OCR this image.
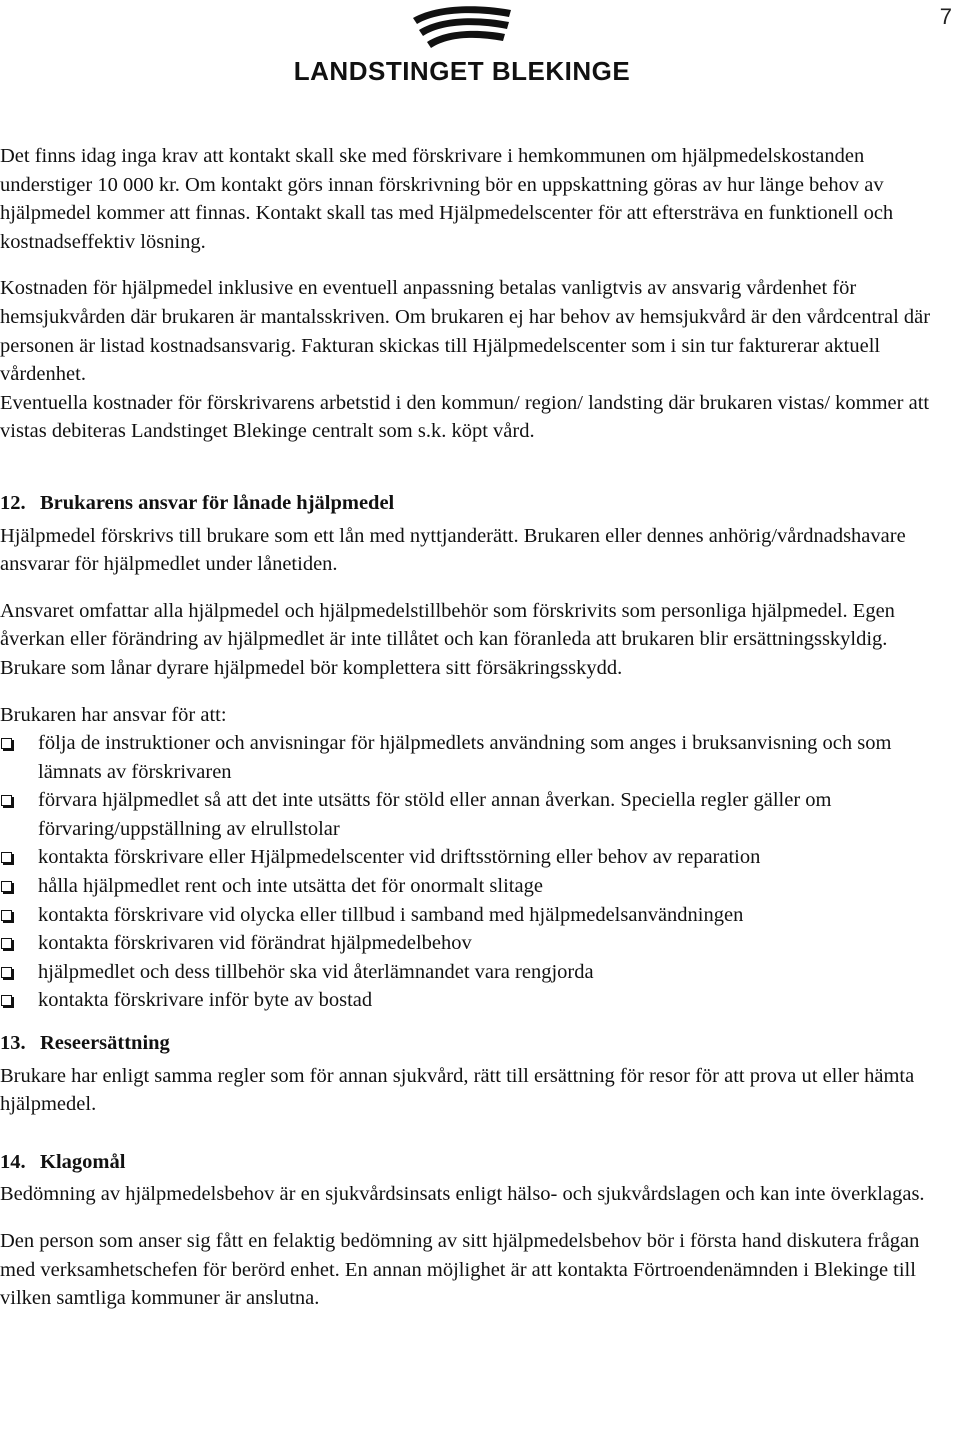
7
LANDSTINGET BLEKINGE

Det finns idag inga krav att kontakt skall ske med förskrivare i hemkommunen om hjälpmedelskostanden understiger 10 000 kr. Om kontakt görs innan förskrivning bör en uppskattning göras av hur länge behov av hjälpmedel kommer att finnas. Kontakt skall tas med Hjälpmedelscenter för att eftersträva en funktionell och kostnadseffektiv lösning.

Kostnaden för hjälpmedel inklusive en eventuell anpassning betalas vanligtvis av ansvarig vårdenhet för hemsjukvården där brukaren är mantalsskriven. Om brukaren ej har behov av hemsjukvård är den vårdcentral där personen är listad kostnadsansvarig. Fakturan skickas till Hjälpmedelscenter som i sin tur fakturerar aktuell vårdenhet.

Eventuella kostnader för förskrivarens arbetstid i den kommun/ region/ landsting där brukaren vistas/ kommer att vistas debiteras Landstinget Blekinge centralt som s.k. köpt vård.

12. Brukarens ansvar för lånade hjälpmedel

Hjälpmedel förskrivs till brukare som ett lån med nyttjanderätt. Brukaren eller dennes anhörig/vårdnadshavare ansvarar för hjälpmedlet under lånetiden.

Ansvaret omfattar alla hjälpmedel och hjälpmedelstillbehör som förskrivits som personliga hjälpmedel. Egen åverkan eller förändring av hjälpmedlet är inte tillåtet och kan föranleda att brukaren blir ersättningsskyldig. Brukare som lånar dyrare hjälpmedel bör komplettera sitt försäkringsskydd.

Brukaren har ansvar för att:

följa de instruktioner och anvisningar för hjälpmedlets användning som anges i bruksanvisning och som lämnats av förskrivaren
förvara hjälpmedlet så att det inte utsätts för stöld eller annan åverkan. Speciella regler gäller om förvaring/uppställning av elrullstolar
kontakta förskrivare eller Hjälpmedelscenter vid driftsstörning eller behov av reparation
hålla hjälpmedlet rent och inte utsätta det för onormalt slitage
kontakta förskrivare vid olycka eller tillbud i samband med hjälpmedelsanvändningen
kontakta förskrivaren vid förändrat hjälpmedelbehov
hjälpmedlet och dess tillbehör ska vid återlämnandet vara rengjorda
kontakta förskrivare inför byte av bostad
13. Reseersättning

Brukare har enligt samma regler som för annan sjukvård, rätt till ersättning för resor för att prova ut eller hämta hjälpmedel.

14. Klagomål

Bedömning av hjälpmedelsbehov är en sjukvårdsinsats enligt hälso- och sjukvårdslagen och kan inte överklagas.

Den person som anser sig fått en felaktig bedömning av sitt hjälpmedelsbehov bör i första hand diskutera frågan med verksamhetschefen för berörd enhet. En annan möjlighet är att kontakta Förtroendenämnden i Blekinge till vilken samtliga kommuner är anslutna.
